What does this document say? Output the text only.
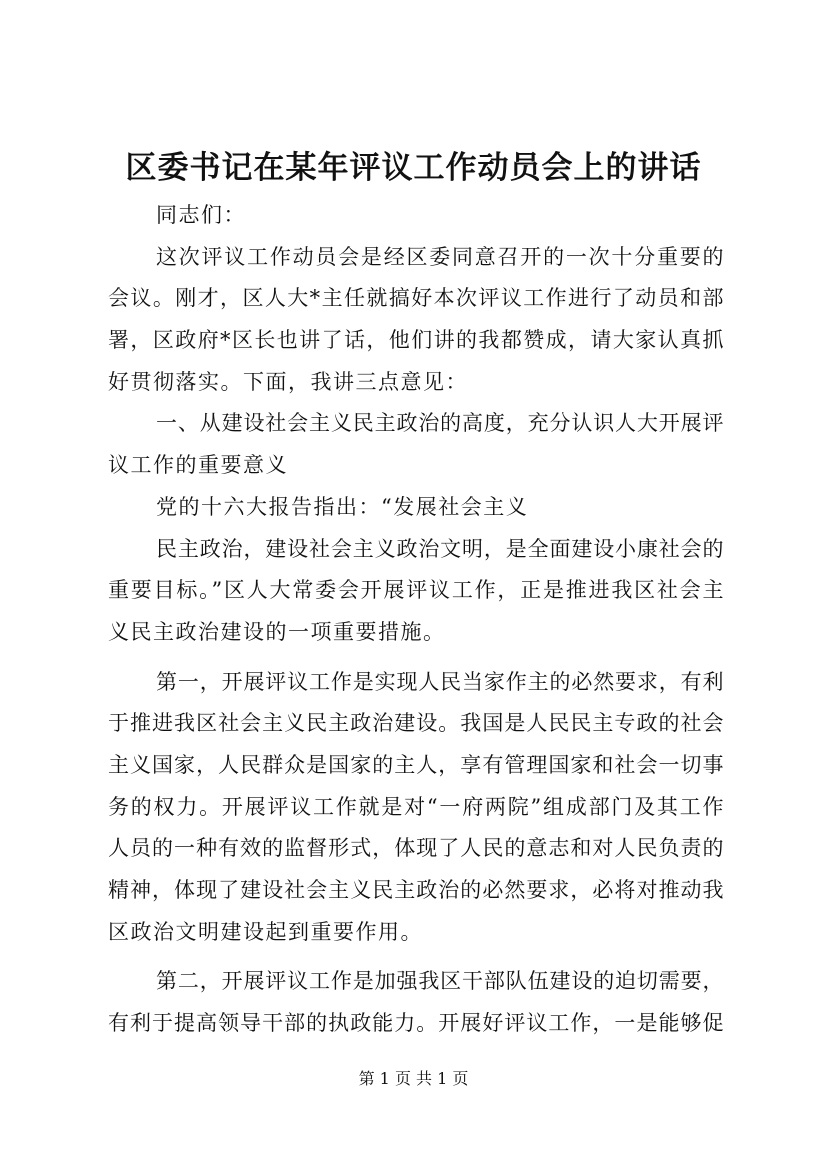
区委书记在某年评议工作动员会上的讲话
同志们：
这次评议工作动员会是经区委同意召开的一次十分重要的
会议。刚才，区人大*主任就搞好本次评议工作进行了动员和部
署，区政府*区长也讲了话，他们讲的我都赞成，请大家认真抓
好贯彻落实。下面，我讲三点意见：
一、从建设社会主义民主政治的高度，充分认识人大开展评
议工作的重要意义
党的十六大报告指出：“发展社会主义
民主政治，建设社会主义政治文明，是全面建设小康社会的
重要目标。”区人大常委会开展评议工作，正是推进我区社会主
义民主政治建设的一项重要措施。
第一，开展评议工作是实现人民当家作主的必然要求，有利
于推进我区社会主义民主政治建设。我国是人民民主专政的社会
主义国家，人民群众是国家的主人，享有管理国家和社会一切事
务的权力。开展评议工作就是对“一府两院”组成部门及其工作
人员的一种有效的监督形式，体现了人民的意志和对人民负责的
精神，体现了建设社会主义民主政治的必然要求，必将对推动我
区政治文明建设起到重要作用。
第二，开展评议工作是加强我区干部队伍建设的迫切需要，
有利于提高领导干部的执政能力。开展好评议工作，一是能够促
第 1 页 共 1 页
